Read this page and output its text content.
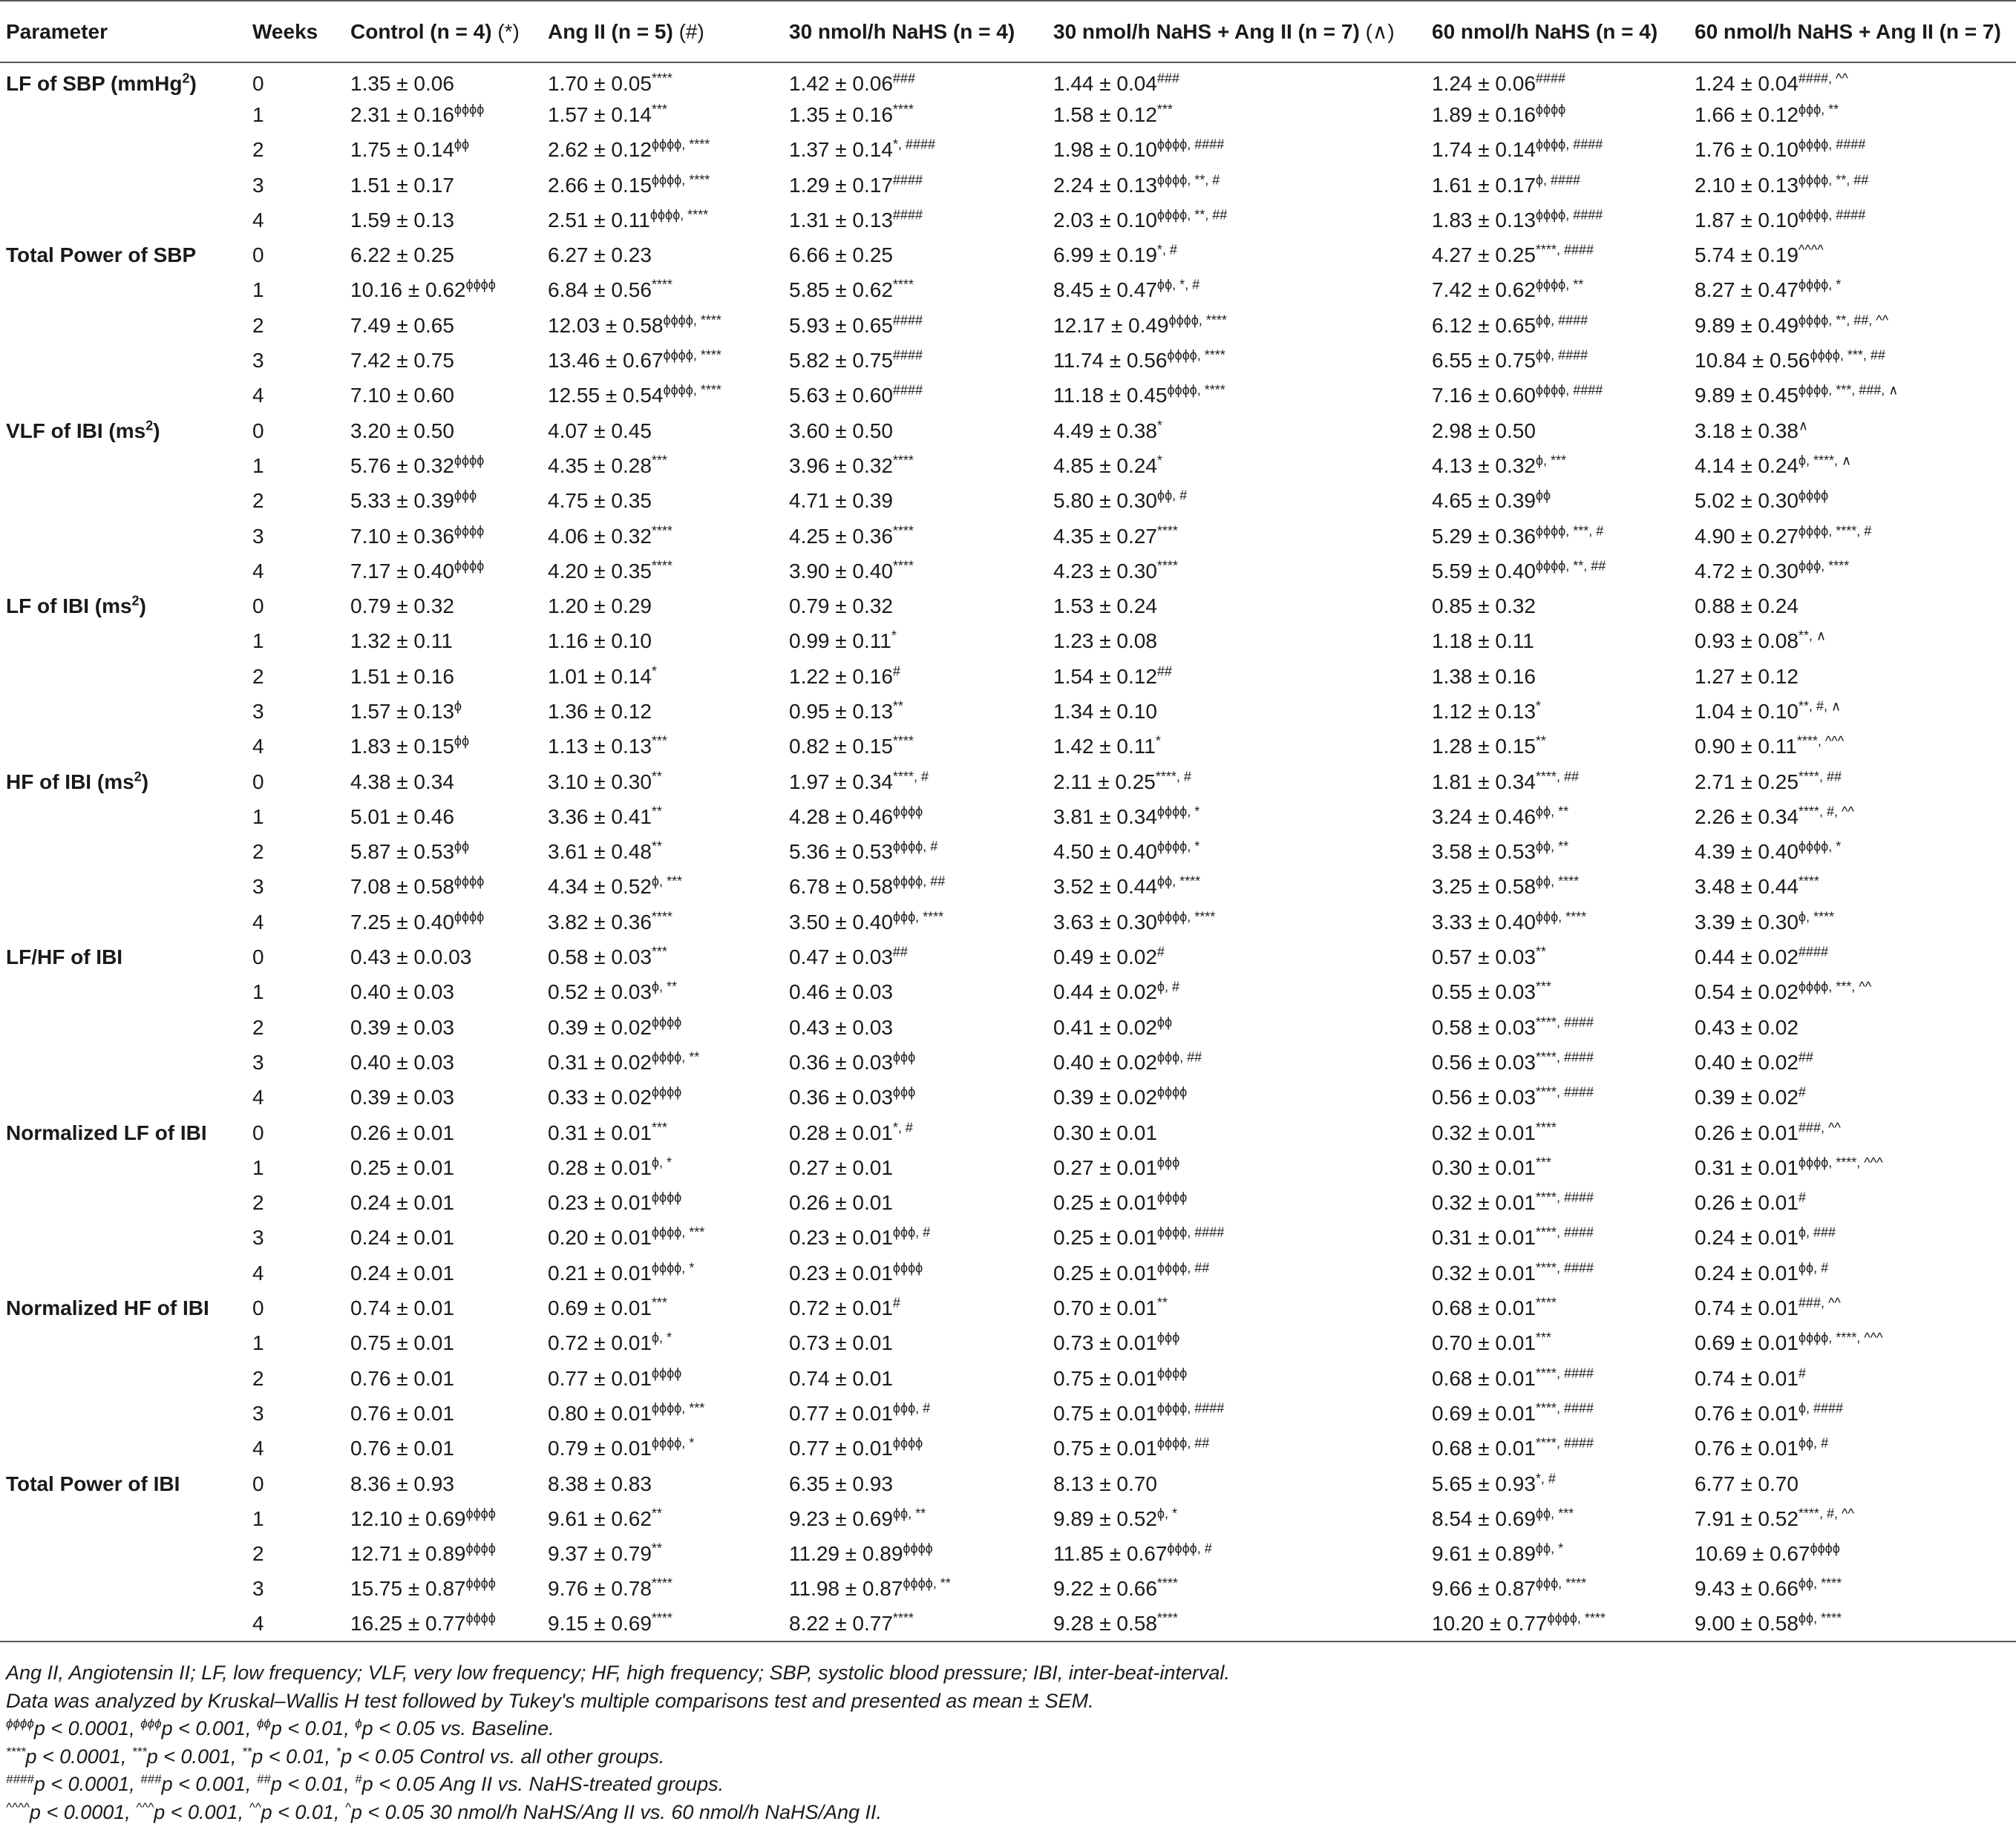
Parameter	Weeks	Control (n = 4) (*)	Ang II (n = 5) (#)	30 nmol/h NaHS (n = 4)	30 nmol/h NaHS + Ang II (n = 7) (∧)	60 nmol/h NaHS (n = 4)	60 nmol/h NaHS + Ang II (n = 7)
LF of SBP (mmHg$^2$)	0	1.35 ± 0.06	1.70 ± 0.05****	1.42 ± 0.06###	1.44 ± 0.04###	1.24 ± 0.06####	1.24 ± 0.04####, ^^
	1	$2.31 \pm 0.16^{\phi\phi\phi\phi}$	1.57 ± 0.14***	1.35 ± 0.16****	1.58 ± 0.12***	$1.89 \pm 0.16^{\phi\phi\phi\phi}$	$1.66 \pm 0.12^{\phi\phi\phi, **}$
	2	$1.75 \pm 0.14^{\phi\phi}$	$2.62 \pm 0.12^{\phi\phi\phi\phi, ****}$	1.37 ± 0.14*, ####	$1.98 \pm 0.10^{\phi\phi\phi\phi, \#\#\#\#}$	$1.74 \pm 0.14^{\phi\phi\phi\phi, \#\#\#\#}$	$1.76 \pm 0.10^{\phi\phi\phi\phi, \#\#\#\#}$
	3	1.51 ± 0.17	$2.66 \pm 0.15^{\phi\phi\phi\phi, ****}$	1.29 ± 0.17####	$2.24 \pm 0.13^{\phi\phi\phi\phi, **, \#}$	$1.61 \pm 0.17^{\phi, \#\#\#\#}$	$2.10 \pm 0.13^{\phi\phi\phi\phi, **, \#\#}$
	4	1.59 ± 0.13	$2.51 \pm 0.11^{\phi\phi\phi\phi, ****}$	1.31 ± 0.13####	$2.03 \pm 0.10^{\phi\phi\phi\phi, **, \#\#}$	$1.83 \pm 0.13^{\phi\phi\phi\phi, \#\#\#\#}$	$1.87 \pm 0.10^{\phi\phi\phi\phi, \#\#\#\#}$
Total Power of SBP	0	6.22 ± 0.25	6.27 ± 0.23	6.66 ± 0.25	6.99 ± 0.19*, #	4.27 ± 0.25****, ####	5.74 ± 0.19^^^^
	1	$10.16 \pm 0.62^{\phi\phi\phi\phi}$	6.84 ± 0.56****	5.85 ± 0.62****	$8.45 \pm 0.47^{\phi\phi, *, \#}$	$7.42 \pm 0.62^{\phi\phi\phi\phi, **}$	$8.27 \pm 0.47^{\phi\phi\phi\phi, *}$
	2	7.49 ± 0.65	$12.03 \pm 0.58^{\phi\phi\phi\phi, ****}$	5.93 ± 0.65####	$12.17 \pm 0.49^{\phi\phi\phi\phi, ****}$	$6.12 \pm 0.65^{\phi\phi, \#\#\#\#}$	$9.89 \pm 0.49^{\phi\phi\phi\phi, **, \#\#, \^{}\^{}}$
	3	7.42 ± 0.75	$13.46 \pm 0.67^{\phi\phi\phi\phi, ****}$	5.82 ± 0.75####	$11.74 \pm 0.56^{\phi\phi\phi\phi, ****}$	$6.55 \pm 0.75^{\phi\phi, \#\#\#\#}$	$10.84 \pm 0.56^{\phi\phi\phi\phi, ***, \#\#}$
	4	7.10 ± 0.60	$12.55 \pm 0.54^{\phi\phi\phi\phi, ****}$	5.63 ± 0.60####	$11.18 \pm 0.45^{\phi\phi\phi\phi, ****}$	$7.16 \pm 0.60^{\phi\phi\phi\phi, \#\#\#\#}$	$9.89 \pm 0.45^{\phi\phi\phi\phi, ***, \#\#\#, \wedge}$
VLF of IBI $(ms^2)$	0	3.20 ± 0.50	4.07 ± 0.45	3.60 ± 0.50	4.49 ± 0.38*	2.98 ± 0.50	3.18 ± 0.38∧
	1	$5.76 \pm 0.32^{\phi\phi\phi\phi}$	4.35 ± 0.28***	3.96 ± 0.32****	4.85 ± 0.24*	$4.13 \pm 0.32^{\phi, ***}$	$4.14 \pm 0.24^{\phi, ****, \wedge}$
	2	$5.33 \pm 0.39^{\phi\phi\phi}$	4.75 ± 0.35	4.71 ± 0.39	$5.80 \pm 0.30^{\phi\phi, \#}$	$4.65 \pm 0.39^{\phi\phi}$	$5.02 \pm 0.30^{\phi\phi\phi\phi}$
	3	$7.10 \pm 0.36^{\phi\phi\phi\phi}$	4.06 ± 0.32****	4.25 ± 0.36****	4.35 ± 0.27****	$5.29 \pm 0.36^{\phi\phi\phi\phi, ***, \#}$	$4.90 \pm 0.27^{\phi\phi\phi\phi, ****, \#}$
	4	$7.17 \pm 0.40^{\phi\phi\phi\phi}$	4.20 ± 0.35****	3.90 ± 0.40****	4.23 ± 0.30****	$5.59 \pm 0.40^{\phi\phi\phi\phi, **, \#\#}$	$4.72 \pm 0.30^{\phi\phi\phi, ****}$
LF of IBI $(ms^2)$	0	0.79 ± 0.32	1.20 ± 0.29	0.79 ± 0.32	1.53 ± 0.24	0.85 ± 0.32	0.88 ± 0.24
	1	1.32 ± 0.11	1.16 ± 0.10	0.99 ± 0.11*	1.23 ± 0.08	1.18 ± 0.11	0.93 ± 0.08**, ∧
	2	1.51 ± 0.16	1.01 ± 0.14*	1.22 ± 0.16#	1.54 ± 0.12##	1.38 ± 0.16	1.27 ± 0.12
	3	$1.57 \pm 0.13^\phi$	1.36 ± 0.12	0.95 ± 0.13**	1.34 ± 0.10	1.12 ± 0.13*	1.04 ± 0.10**, #, ∧
	4	$1.83 \pm 0.15^{\phi\phi}$	1.13 ± 0.13***	0.82 ± 0.15****	1.42 ± 0.11*	1.28 ± 0.15**	0.90 ± 0.11****, ^^^
HF of IBI $(ms^2)$	0	4.38 ± 0.34	3.10 ± 0.30**	1.97 ± 0.34****, #	2.11 ± 0.25****, #	1.81 ± 0.34****, ##	2.71 ± 0.25****, ##
	1	5.01 ± 0.46	3.36 ± 0.41**	$4.28 \pm 0.46^{\phi\phi\phi\phi}$	$3.81 \pm 0.34^{\phi\phi\phi\phi, *}$	$3.24 \pm 0.46^{\phi\phi, **}$	2.26 ± 0.34****, #, ^^
	2	$5.87 \pm 0.53^{\phi\phi}$	3.61 ± 0.48**	$5.36 \pm 0.53^{\phi\phi\phi\phi, \#}$	$4.50 \pm 0.40^{\phi\phi\phi\phi, *}$	$3.58 \pm 0.53^{\phi\phi, **}$	$4.39 \pm 0.40^{\phi\phi\phi\phi, *}$
	3	$7.08 \pm 0.58^{\phi\phi\phi\phi}$	$4.34 \pm 0.52^{\phi, ***}$	$6.78 \pm 0.58^{\phi\phi\phi\phi, \#\#}$	$3.52 \pm 0.44^{\phi\phi, ****}$	$3.25 \pm 0.58^{\phi\phi, ****}$	3.48 ± 0.44****
	4	$7.25 \pm 0.40^{\phi\phi\phi\phi}$	3.82 ± 0.36****	$3.50 \pm 0.40^{\phi\phi\phi, ****}$	$3.63 \pm 0.30^{\phi\phi\phi\phi, ****}$	$3.33 \pm 0.40^{\phi\phi\phi, ****}$	$3.39 \pm 0.30^{\phi, ****}$
LF/HF of IBI	0	0.43 ± 0.0.03	0.58 ± 0.03***	0.47 ± 0.03##	0.49 ± 0.02#	0.57 ± 0.03**	0.44 ± 0.02####
	1	0.40 ± 0.03	$0.52 \pm 0.03^{\phi, **}$	0.46 ± 0.03	$0.44 \pm 0.02^{\phi, \#}$	0.55 ± 0.03***	$0.54 \pm 0.02^{\phi\phi\phi\phi, ***, \^{}\^{}}$
	2	0.39 ± 0.03	$0.39 \pm 0.02^{\phi\phi\phi\phi}$	0.43 ± 0.03	$0.41 \pm 0.02^{\phi\phi}$	0.58 ± 0.03****, ####	0.43 ± 0.02
	3	0.40 ± 0.03	$0.31 \pm 0.02^{\phi\phi\phi\phi, **}$	$0.36 \pm 0.03^{\phi\phi\phi}$	$0.40 \pm 0.02^{\phi\phi\phi, \#\#}$	0.56 ± 0.03****, ####	0.40 ± 0.02##
	4	0.39 ± 0.03	$0.33 \pm 0.02^{\phi\phi\phi\phi}$	$0.36 \pm 0.03^{\phi\phi\phi}$	$0.39 \pm 0.02^{\phi\phi\phi\phi}$	0.56 ± 0.03****, ####	0.39 ± 0.02#
Normalized LF of IBI	0	0.26 ± 0.01	0.31 ± 0.01***	0.28 ± 0.01*, #	0.30 ± 0.01	0.32 ± 0.01****	0.26 ± 0.01###, ^^
	1	0.25 ± 0.01	$0.28 \pm 0.01^{\phi, *}$	0.27 ± 0.01	$0.27 \pm 0.01^{\phi\phi\phi}$	0.30 ± 0.01***	$0.31 \pm 0.01^{\phi\phi\phi\phi, ****, \^{}\^{}\^{}}$
	2	0.24 ± 0.01	$0.23 \pm 0.01^{\phi\phi\phi\phi}$	0.26 ± 0.01	$0.25 \pm 0.01^{\phi\phi\phi\phi}$	0.32 ± 0.01****, ####	0.26 ± 0.01#
	3	0.24 ± 0.01	$0.20 \pm 0.01^{\phi\phi\phi\phi, ***}$	$0.23 \pm 0.01^{\phi\phi\phi, \#}$	$0.25 \pm 0.01^{\phi\phi\phi\phi, \#\#\#\#}$	0.31 ± 0.01****, ####	$0.24 \pm 0.01^{\phi, \#\#\#}$
	4	0.24 ± 0.01	$0.21 \pm 0.01^{\phi\phi\phi\phi, *}$	$0.23 \pm 0.01^{\phi\phi\phi\phi}$	$0.25 \pm 0.01^{\phi\phi\phi\phi, \#\#}$	0.32 ± 0.01****, ####	$0.24 \pm 0.01^{\phi\phi, \#}$
Normalized HF of IBI	0	0.74 ± 0.01	0.69 ± 0.01***	0.72 ± 0.01#	0.70 ± 0.01**	0.68 ± 0.01****	0.74 ± 0.01###, ^^
	1	0.75 ± 0.01	$0.72 \pm 0.01^{\phi, *}$	0.73 ± 0.01	$0.73 \pm 0.01^{\phi\phi\phi}$	0.70 ± 0.01***	$0.69 \pm 0.01^{\phi\phi\phi\phi, ****, \^{}\^{}\^{}}$
	2	0.76 ± 0.01	$0.77 \pm 0.01^{\phi\phi\phi\phi}$	0.74 ± 0.01	$0.75 \pm 0.01^{\phi\phi\phi\phi}$	0.68 ± 0.01****, ####	0.74 ± 0.01#
	3	0.76 ± 0.01	$0.80 \pm 0.01^{\phi\phi\phi\phi, ***}$	$0.77 \pm 0.01^{\phi\phi\phi, \#}$	$0.75 \pm 0.01^{\phi\phi\phi\phi, \#\#\#\#}$	0.69 ± 0.01****, ####	$0.76 \pm 0.01^{\phi, \#\#\#\#}$
	4	0.76 ± 0.01	$0.79 \pm 0.01^{\phi\phi\phi\phi, *}$	$0.77 \pm 0.01^{\phi\phi\phi\phi}$	$0.75 \pm 0.01^{\phi\phi\phi\phi, \#\#}$	0.68 ± 0.01****, ####	$0.76 \pm 0.01^{\phi\phi, \#}$
Total Power of IBI	0	8.36 ± 0.93	8.38 ± 0.83	6.35 ± 0.93	8.13 ± 0.70	5.65 ± 0.93*, #	6.77 ± 0.70
	1	$12.10 \pm 0.69^{\phi\phi\phi\phi}$	9.61 ± 0.62**	$9.23 \pm 0.69^{\phi\phi, **}$	$9.89 \pm 0.52^{\phi, *}$	$8.54 \pm 0.69^{\phi\phi, ***}$	7.91 ± 0.52****, #, ^^
	2	$12.71 \pm 0.89^{\phi\phi\phi\phi}$	9.37 ± 0.79**	$11.29 \pm 0.89^{\phi\phi\phi\phi}$	$11.85 \pm 0.67^{\phi\phi\phi\phi, \#}$	$9.61 \pm 0.89^{\phi\phi, *}$	$10.69 \pm 0.67^{\phi\phi\phi\phi}$
	3	$15.75 \pm 0.87^{\phi\phi\phi\phi}$	9.76 ± 0.78****	$11.98 \pm 0.87^{\phi\phi\phi\phi, **}$	9.22 ± 0.66****	$9.66 \pm 0.87^{\phi\phi\phi, ****}$	$9.43 \pm 0.66^{\phi\phi, ****}$
	4	$16.25 \pm 0.77^{\phi\phi\phi\phi}$	9.15 ± 0.69****	8.22 ± 0.77****	9.28 ± 0.58****	$10.20 \pm 0.77^{\phi\phi\phi\phi, ****}$	$9.00 \pm 0.58^{\phi\phi, ****}$
Ang II, Angiotensin II; LF, low frequency; VLF, very low frequency; HF, high frequency; SBP, systolic blood pressure; IBI, inter-beat-interval.
Data was analyzed by Kruskal–Wallis H test followed by Tukey's multiple comparisons test and presented as mean ± SEM.
$^{\phi\phi\phi\phi}$p < 0.0001, $^{\phi\phi\phi}$p < 0.001, $^{\phi\phi}$p < 0.01, $^\phi$p < 0.05 vs. Baseline.
****p < 0.0001, ***p < 0.001, **p < 0.01, *p < 0.05 Control vs. all other groups.
####p < 0.0001, ###p < 0.001, ##p < 0.01, #p < 0.05 Ang II vs. NaHS-treated groups.
^^^^p < 0.0001, ^^^p < 0.001, ^^p < 0.01, ^p < 0.05 30 nmol/h NaHS/Ang II vs. 60 nmol/h NaHS/Ang II.
